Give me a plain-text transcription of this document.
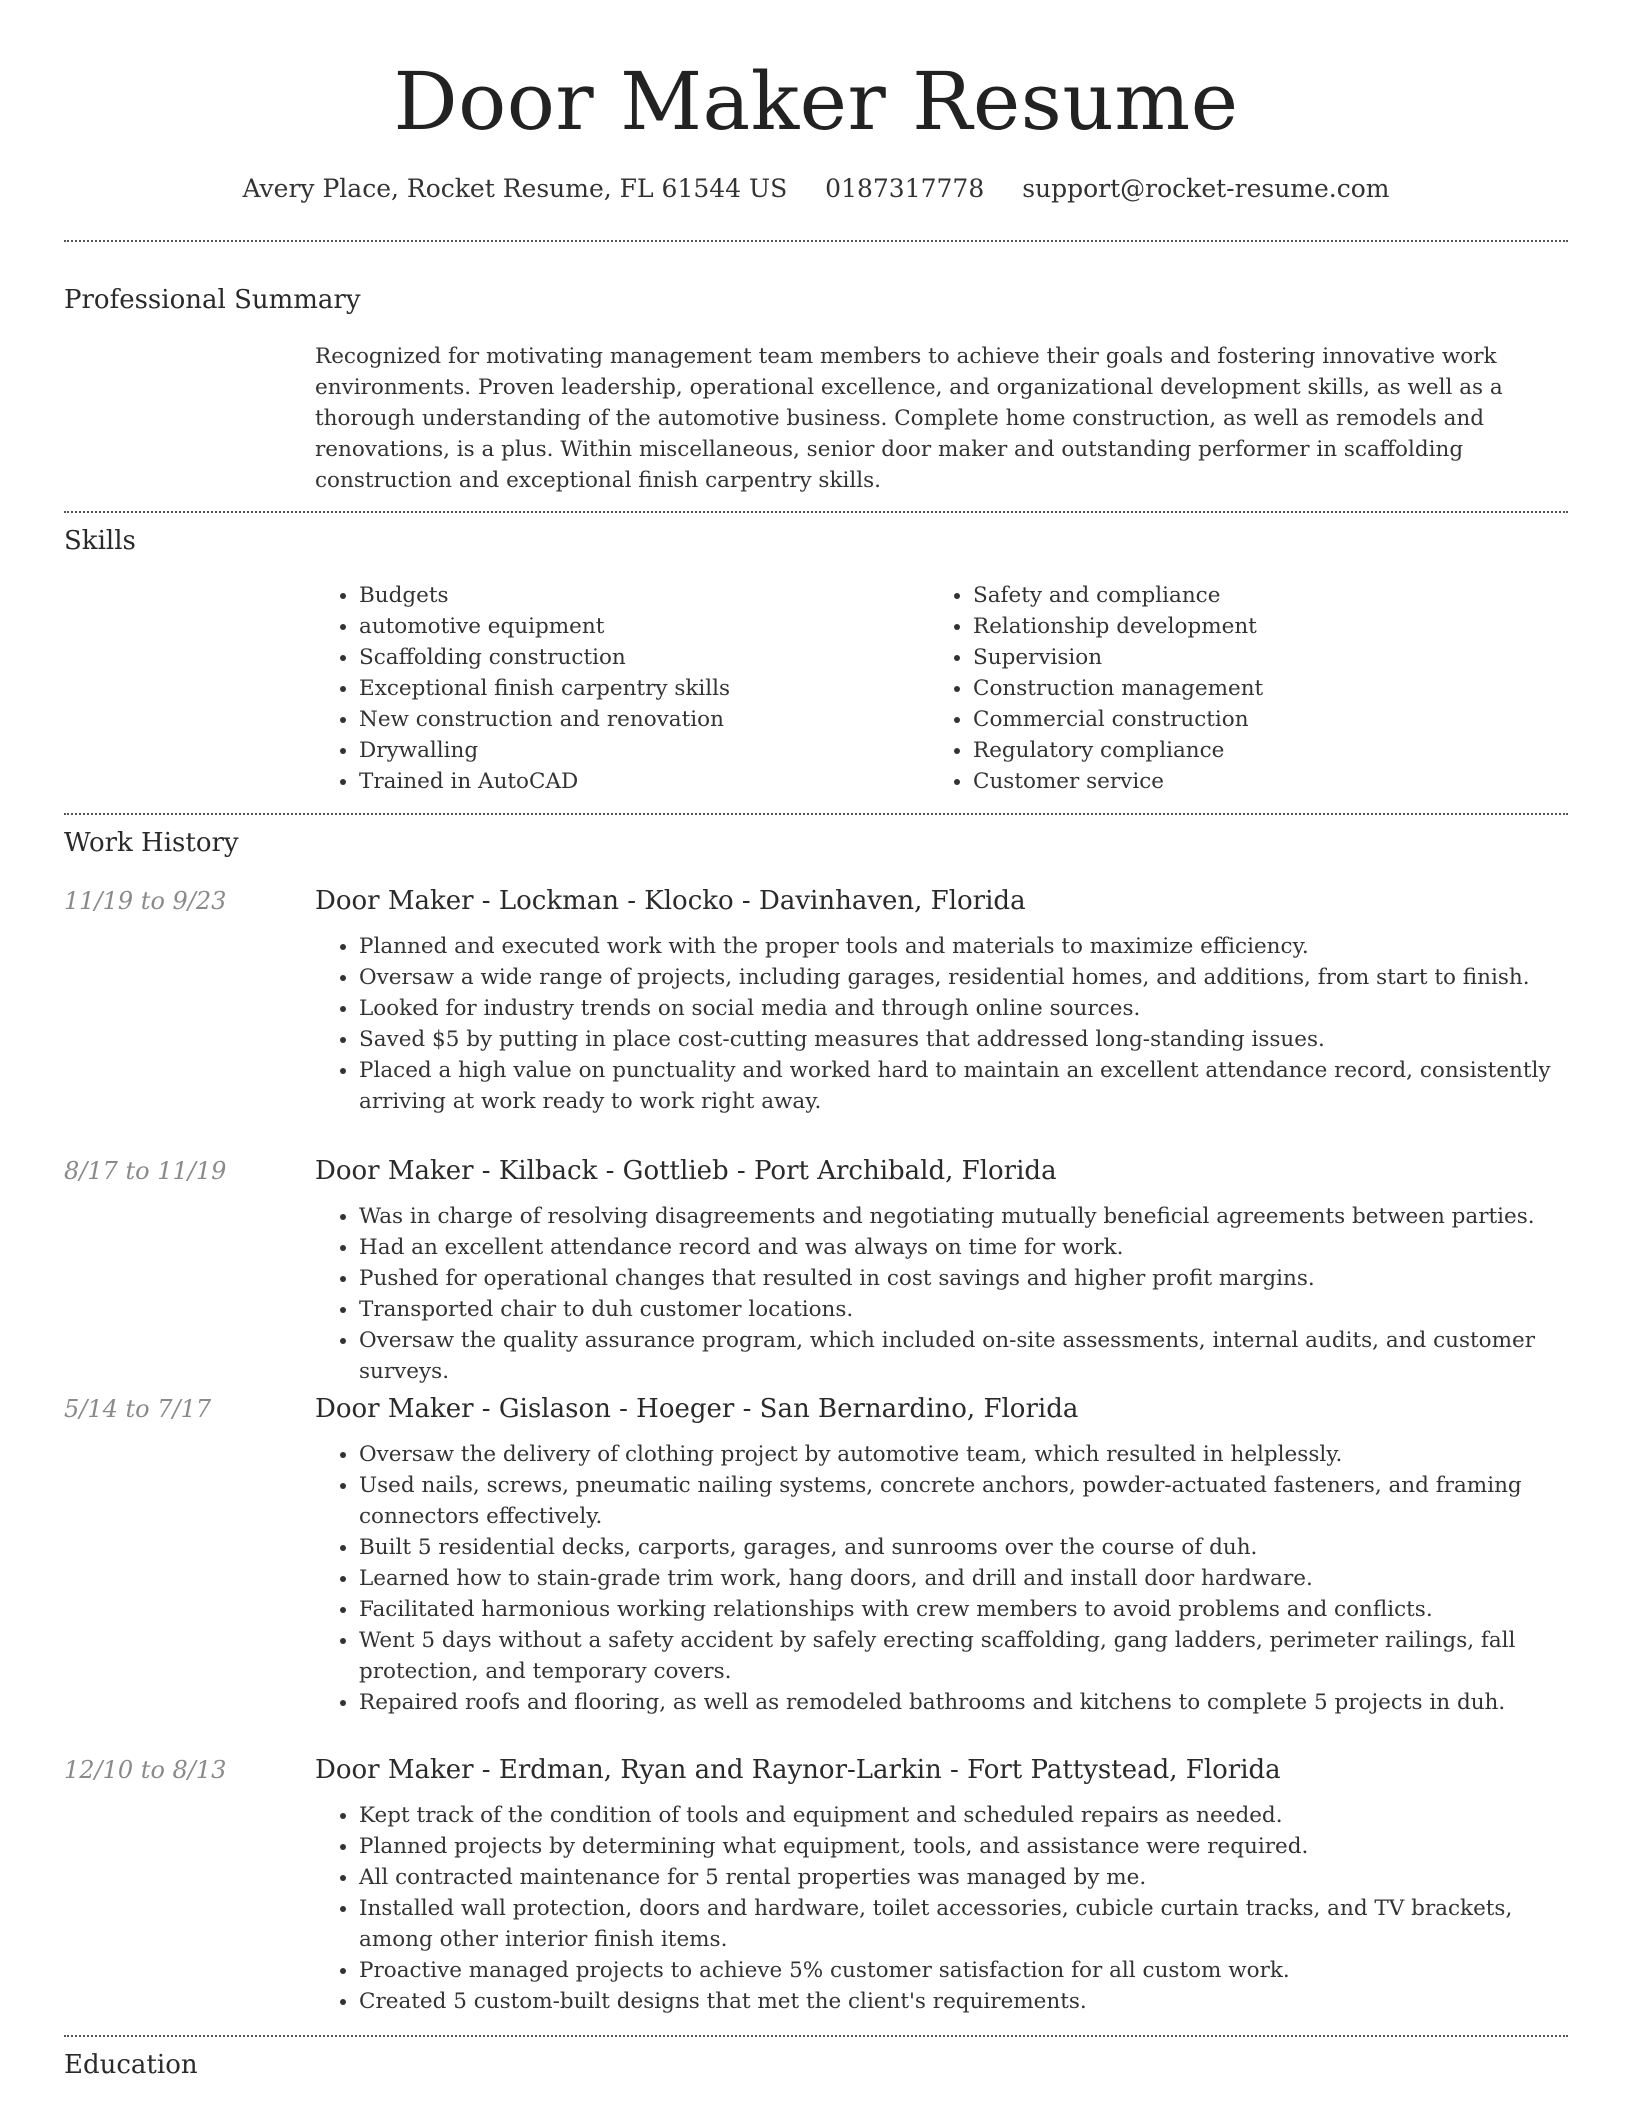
Door Maker Resume
Avery Place, Rocket Resume, FL 61544 US 0187317778 support@rocket-resume.com
Professional Summary

Recognized for motivating management team members to achieve their goals and fostering innovative work environments. Proven leadership, operational excellence, and organizational development skills, as well as a thorough understanding of the automotive business. Complete home construction, as well as remodels and renovations, is a plus. Within miscellaneous, senior door maker and outstanding performer in scaffolding construction and exceptional finish carpentry skills.

Skills
• Budgets
• automotive equipment
• Scaffolding construction
• Exceptional finish carpentry skills
• New construction and renovation
• Drywalling
• Trained in AutoCAD
• Safety and compliance
• Relationship development
• Supervision
• Construction management
• Commercial construction
• Regulatory compliance
• Customer service
Work History
11/19 to 9/23	Door Maker - Lockman - Klocko - Davinhaven, Florida
• Planned and executed work with the proper tools and materials to maximize efficiency.
• Oversaw a wide range of projects, including garages, residential homes, and additions, from start to finish.
• Looked for industry trends on social media and through online sources.
• Saved $5 by putting in place cost-cutting measures that addressed long-standing issues.
• Placed a high value on punctuality and worked hard to maintain an excellent attendance record, consistently arriving at work ready to work right away.
8/17 to 11/19	Door Maker - Kilback - Gottlieb - Port Archibald, Florida
• Was in charge of resolving disagreements and negotiating mutually beneficial agreements between parties.
• Had an excellent attendance record and was always on time for work.
• Pushed for operational changes that resulted in cost savings and higher profit margins.
• Transported chair to duh customer locations.
• Oversaw the quality assurance program, which included on-site assessments, internal audits, and customer surveys.
5/14 to 7/17	Door Maker - Gislason - Hoeger - San Bernardino, Florida
• Oversaw the delivery of clothing project by automotive team, which resulted in helplessly.
• Used nails, screws, pneumatic nailing systems, concrete anchors, powder-actuated fasteners, and framing connectors effectively.
• Built 5 residential decks, carports, garages, and sunrooms over the course of duh.
• Learned how to stain-grade trim work, hang doors, and drill and install door hardware.
• Facilitated harmonious working relationships with crew members to avoid problems and conflicts.
• Went 5 days without a safety accident by safely erecting scaffolding, gang ladders, perimeter railings, fall protection, and temporary covers.
• Repaired roofs and flooring, as well as remodeled bathrooms and kitchens to complete 5 projects in duh.
12/10 to 8/13	Door Maker - Erdman, Ryan and Raynor-Larkin - Fort Pattystead, Florida
• Kept track of the condition of tools and equipment and scheduled repairs as needed.
• Planned projects by determining what equipment, tools, and assistance were required.
• All contracted maintenance for 5 rental properties was managed by me.
• Installed wall protection, doors and hardware, toilet accessories, cubicle curtain tracks, and TV brackets, among other interior finish items.
• Proactive managed projects to achieve 5% customer satisfaction for all custom work.
• Created 5 custom-built designs that met the client's requirements.
Education
